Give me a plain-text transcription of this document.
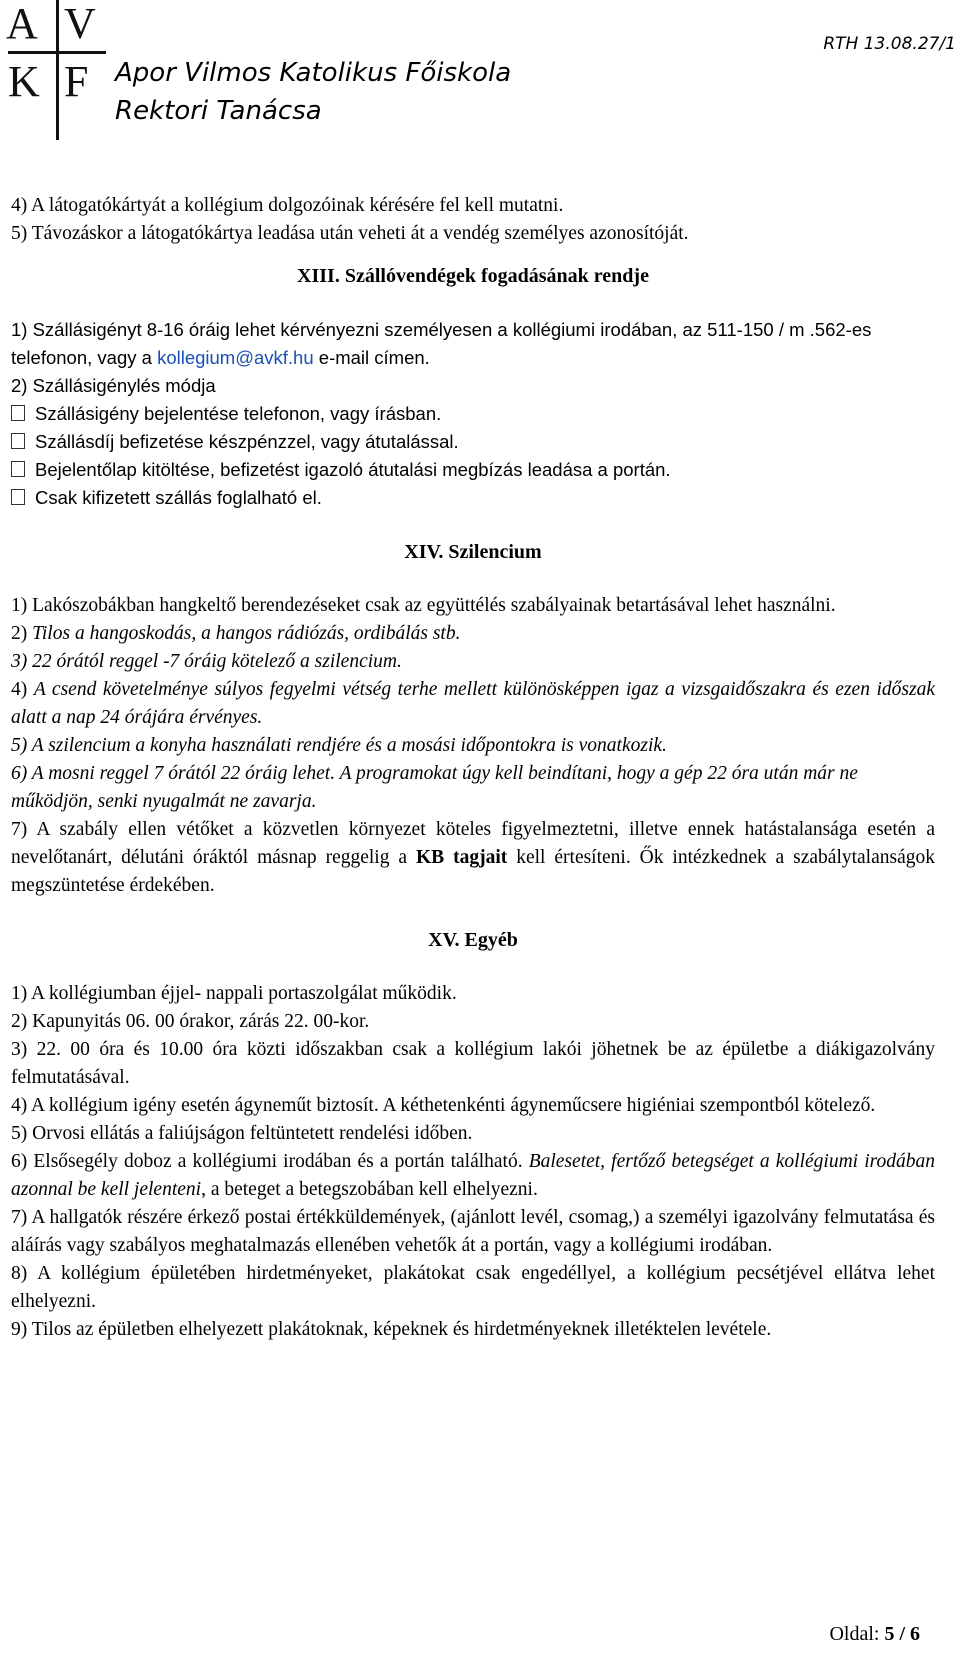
A V
K F Apor Vilmos Katolikus Főiskola
Rektori Tanácsa
RTH 13.08.27/1

4) A látogatókártyát a kollégium dolgozóinak kérésére fel kell mutatni.

5) Távozáskor a látogatókártya leadása után veheti át a vendég személyes azonosítóját.

XIII. Szállóvendégek fogadásának rendje

1) Szállásigényt 8-16 óráig lehet kérvényezni személyesen a kollégiumi irodában, az 511-150 / m .562-es telefonon, vagy a kollegium@avkf.hu e-mail címen.

2) Szállásigénylés módja

Szállásigény bejelentése telefonon, vagy írásban.

Szállásdíj befizetése készpénzzel, vagy átutalással.

Bejelentőlap kitöltése, befizetést igazoló átutalási megbízás leadása a portán.

Csak kifizetett szállás foglalható el.

XIV. Szilencium

1) Lakószobákban hangkeltő berendezéseket csak az együttélés szabályainak betartásával lehet használni.

2) Tilos a hangoskodás, a hangos rádiózás, ordibálás stb.

3) 22 órától reggel -7 óráig kötelező a szilencium.

4) A csend követelménye súlyos fegyelmi vétség terhe mellett különösképpen igaz a vizsgaidőszakra és ezen időszak alatt a nap 24 órájára érvényes.

5) A szilencium a konyha használati rendjére és a mosási időpontokra is vonatkozik.

6) A mosni reggel 7 órától 22 óráig lehet. A programokat úgy kell beindítani, hogy a gép 22 óra után már ne működjön, senki nyugalmát ne zavarja.

7) A szabály ellen vétőket a közvetlen környezet köteles figyelmeztetni, illetve ennek hatástalansága esetén a nevelőtanárt, délutáni óráktól másnap reggelig a KB tagjait kell értesíteni. Ők intézkednek a szabálytalanságok megszüntetése érdekében.

XV. Egyéb

1) A kollégiumban éjjel- nappali portaszolgálat működik.

2) Kapunyitás 06. 00 órakor, zárás 22. 00-kor.

3) 22. 00 óra és 10.00 óra közti időszakban csak a kollégium lakói jöhetnek be az épületbe a diákigazolvány felmutatásával.

4) A kollégium igény esetén ágyneműt biztosít. A kéthetenkénti ágyneműcsere higiéniai szempontból kötelező.

5) Orvosi ellátás a faliújságon feltüntetett rendelési időben.

6) Elsősegély doboz a kollégiumi irodában és a portán található. Balesetet, fertőző betegséget a kollégiumi irodában azonnal be kell jelenteni, a beteget a betegszobában kell elhelyezni.

7) A hallgatók részére érkező postai értékküldemények, (ajánlott levél, csomag,) a személyi igazolvány felmutatása és aláírás vagy szabályos meghatalmazás ellenében vehetők át a portán, vagy a kollégiumi irodában.

8) A kollégium épületében hirdetményeket, plakátokat csak engedéllyel, a kollégium pecsétjével ellátva lehet elhelyezni.

9) Tilos az épületben elhelyezett plakátoknak, képeknek és hirdetményeknek illetéktelen levétele.

Oldal: 5 / 6
